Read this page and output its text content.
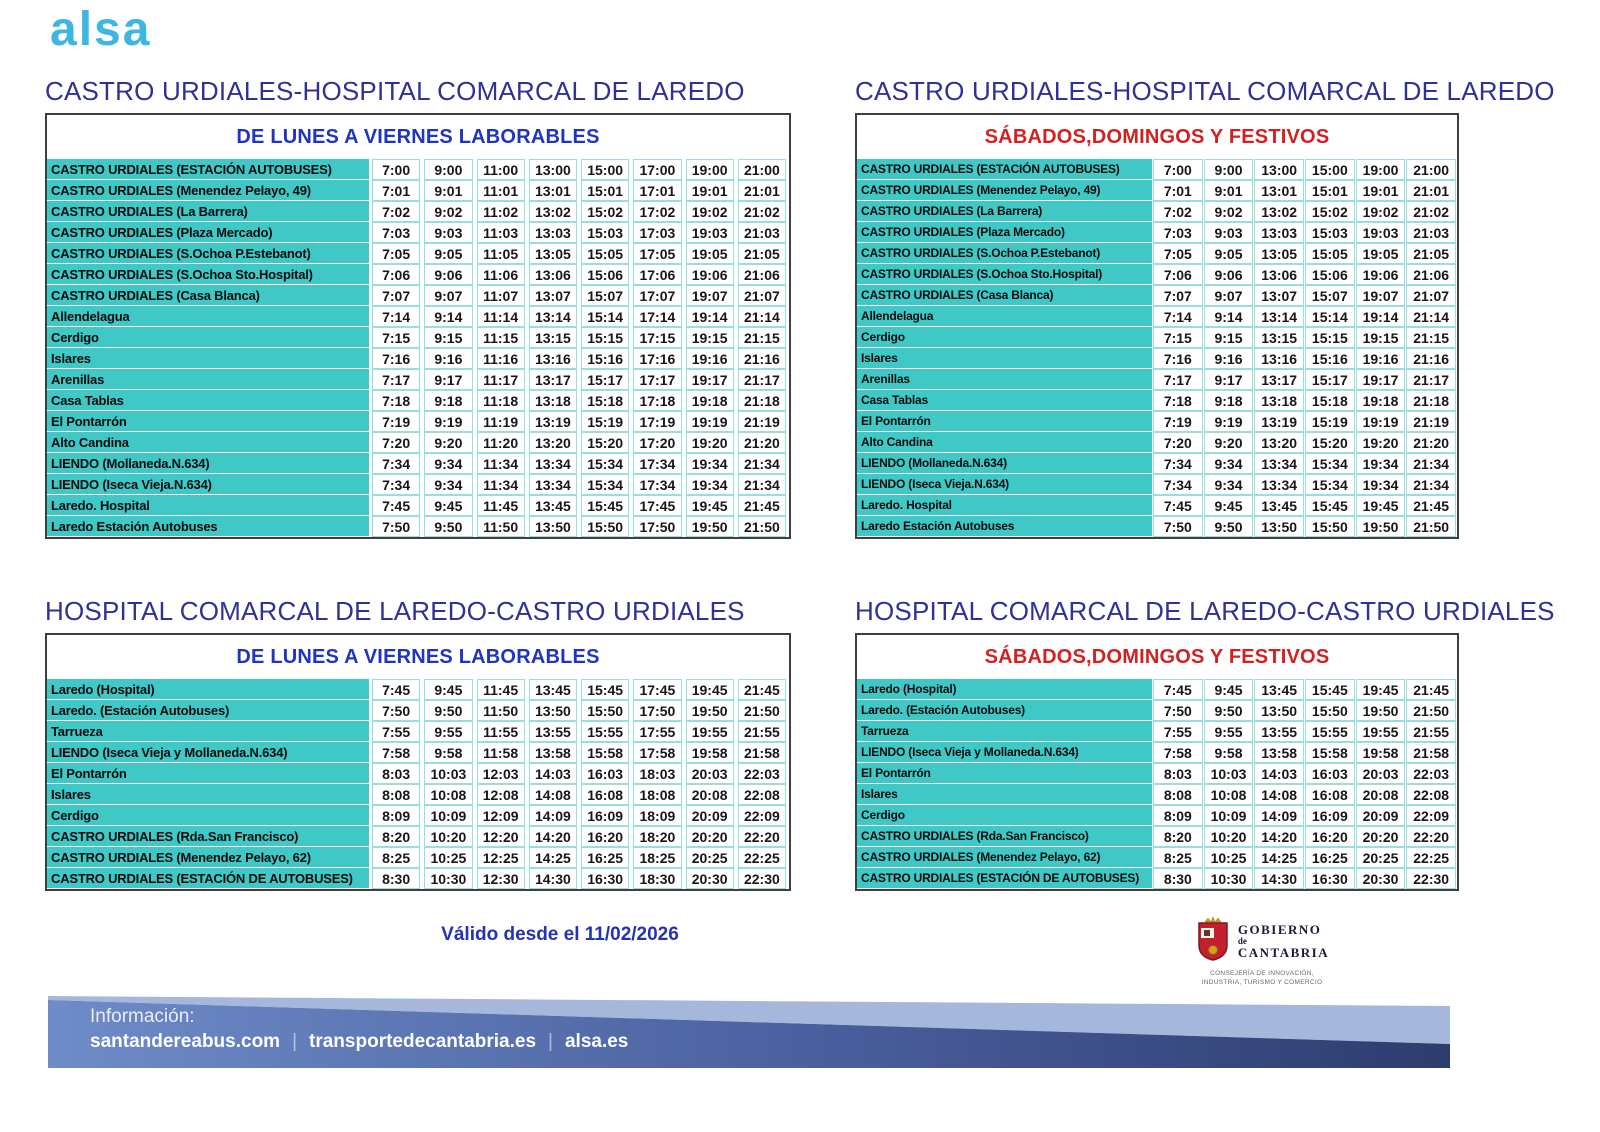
alsa
CASTRO URDIALES-HOSPITAL COMARCAL DE LAREDO
DE LUNES A VIERNES LABORABLES
CASTRO URDIALES (ESTACIÓN AUTOBUSES)	7:00	9:00	11:00	13:00	15:00	17:00	19:00	21:00
CASTRO URDIALES (Menendez Pelayo, 49)	7:01	9:01	11:01	13:01	15:01	17:01	19:01	21:01
CASTRO URDIALES (La Barrera)	7:02	9:02	11:02	13:02	15:02	17:02	19:02	21:02
CASTRO URDIALES (Plaza Mercado)	7:03	9:03	11:03	13:03	15:03	17:03	19:03	21:03
CASTRO URDIALES (S.Ochoa P.Estebanot)	7:05	9:05	11:05	13:05	15:05	17:05	19:05	21:05
CASTRO URDIALES (S.Ochoa Sto.Hospital)	7:06	9:06	11:06	13:06	15:06	17:06	19:06	21:06
CASTRO URDIALES (Casa Blanca)	7:07	9:07	11:07	13:07	15:07	17:07	19:07	21:07
Allendelagua	7:14	9:14	11:14	13:14	15:14	17:14	19:14	21:14
Cerdigo	7:15	9:15	11:15	13:15	15:15	17:15	19:15	21:15
Islares	7:16	9:16	11:16	13:16	15:16	17:16	19:16	21:16
Arenillas	7:17	9:17	11:17	13:17	15:17	17:17	19:17	21:17
Casa Tablas	7:18	9:18	11:18	13:18	15:18	17:18	19:18	21:18
El Pontarrón	7:19	9:19	11:19	13:19	15:19	17:19	19:19	21:19
Alto Candina	7:20	9:20	11:20	13:20	15:20	17:20	19:20	21:20
LIENDO (Mollaneda.N.634)	7:34	9:34	11:34	13:34	15:34	17:34	19:34	21:34
LIENDO (Iseca Vieja.N.634)	7:34	9:34	11:34	13:34	15:34	17:34	19:34	21:34
Laredo. Hospital	7:45	9:45	11:45	13:45	15:45	17:45	19:45	21:45
Laredo Estación Autobuses	7:50	9:50	11:50	13:50	15:50	17:50	19:50	21:50
CASTRO URDIALES-HOSPITAL COMARCAL DE LAREDO
SÁBADOS,DOMINGOS Y FESTIVOS
CASTRO URDIALES (ESTACIÓN AUTOBUSES)	7:00	9:00	13:00	15:00	19:00	21:00
CASTRO URDIALES (Menendez Pelayo, 49)	7:01	9:01	13:01	15:01	19:01	21:01
CASTRO URDIALES (La Barrera)	7:02	9:02	13:02	15:02	19:02	21:02
CASTRO URDIALES (Plaza Mercado)	7:03	9:03	13:03	15:03	19:03	21:03
CASTRO URDIALES (S.Ochoa P.Estebanot)	7:05	9:05	13:05	15:05	19:05	21:05
CASTRO URDIALES (S.Ochoa Sto.Hospital)	7:06	9:06	13:06	15:06	19:06	21:06
CASTRO URDIALES (Casa Blanca)	7:07	9:07	13:07	15:07	19:07	21:07
Allendelagua	7:14	9:14	13:14	15:14	19:14	21:14
Cerdigo	7:15	9:15	13:15	15:15	19:15	21:15
Islares	7:16	9:16	13:16	15:16	19:16	21:16
Arenillas	7:17	9:17	13:17	15:17	19:17	21:17
Casa Tablas	7:18	9:18	13:18	15:18	19:18	21:18
El Pontarrón	7:19	9:19	13:19	15:19	19:19	21:19
Alto Candina	7:20	9:20	13:20	15:20	19:20	21:20
LIENDO (Mollaneda.N.634)	7:34	9:34	13:34	15:34	19:34	21:34
LIENDO (Iseca Vieja.N.634)	7:34	9:34	13:34	15:34	19:34	21:34
Laredo. Hospital	7:45	9:45	13:45	15:45	19:45	21:45
Laredo Estación Autobuses	7:50	9:50	13:50	15:50	19:50	21:50
HOSPITAL COMARCAL DE LAREDO-CASTRO URDIALES
DE LUNES A VIERNES LABORABLES
Laredo (Hospital)	7:45	9:45	11:45	13:45	15:45	17:45	19:45	21:45
Laredo. (Estación Autobuses)	7:50	9:50	11:50	13:50	15:50	17:50	19:50	21:50
Tarrueza	7:55	9:55	11:55	13:55	15:55	17:55	19:55	21:55
LIENDO (Iseca Vieja y Mollaneda.N.634)	7:58	9:58	11:58	13:58	15:58	17:58	19:58	21:58
El Pontarrón	8:03	10:03	12:03	14:03	16:03	18:03	20:03	22:03
Islares	8:08	10:08	12:08	14:08	16:08	18:08	20:08	22:08
Cerdigo	8:09	10:09	12:09	14:09	16:09	18:09	20:09	22:09
CASTRO URDIALES (Rda.San Francisco)	8:20	10:20	12:20	14:20	16:20	18:20	20:20	22:20
CASTRO URDIALES (Menendez Pelayo, 62)	8:25	10:25	12:25	14:25	16:25	18:25	20:25	22:25
CASTRO URDIALES (ESTACIÓN DE AUTOBUSES)	8:30	10:30	12:30	14:30	16:30	18:30	20:30	22:30
HOSPITAL COMARCAL DE LAREDO-CASTRO URDIALES
SÁBADOS,DOMINGOS Y FESTIVOS
Laredo (Hospital)	7:45	9:45	13:45	15:45	19:45	21:45
Laredo. (Estación Autobuses)	7:50	9:50	13:50	15:50	19:50	21:50
Tarrueza	7:55	9:55	13:55	15:55	19:55	21:55
LIENDO (Iseca Vieja y Mollaneda.N.634)	7:58	9:58	13:58	15:58	19:58	21:58
El Pontarrón	8:03	10:03	14:03	16:03	20:03	22:03
Islares	8:08	10:08	14:08	16:08	20:08	22:08
Cerdigo	8:09	10:09	14:09	16:09	20:09	22:09
CASTRO URDIALES (Rda.San Francisco)	8:20	10:20	14:20	16:20	20:20	22:20
CASTRO URDIALES (Menendez Pelayo, 62)	8:25	10:25	14:25	16:25	20:25	22:25
CASTRO URDIALES (ESTACIÓN DE AUTOBUSES)	8:30	10:30	14:30	16:30	20:30	22:30
Válido desde el 11/02/2026	GOBIERNO
de
CANTABRIA
CONSEJERÍA DE INNOVACIÓN,
INDUSTRIA, TURISMO Y COMERCIO
Información:
santandereabus.com | transportedecantabria.es | alsa.es
